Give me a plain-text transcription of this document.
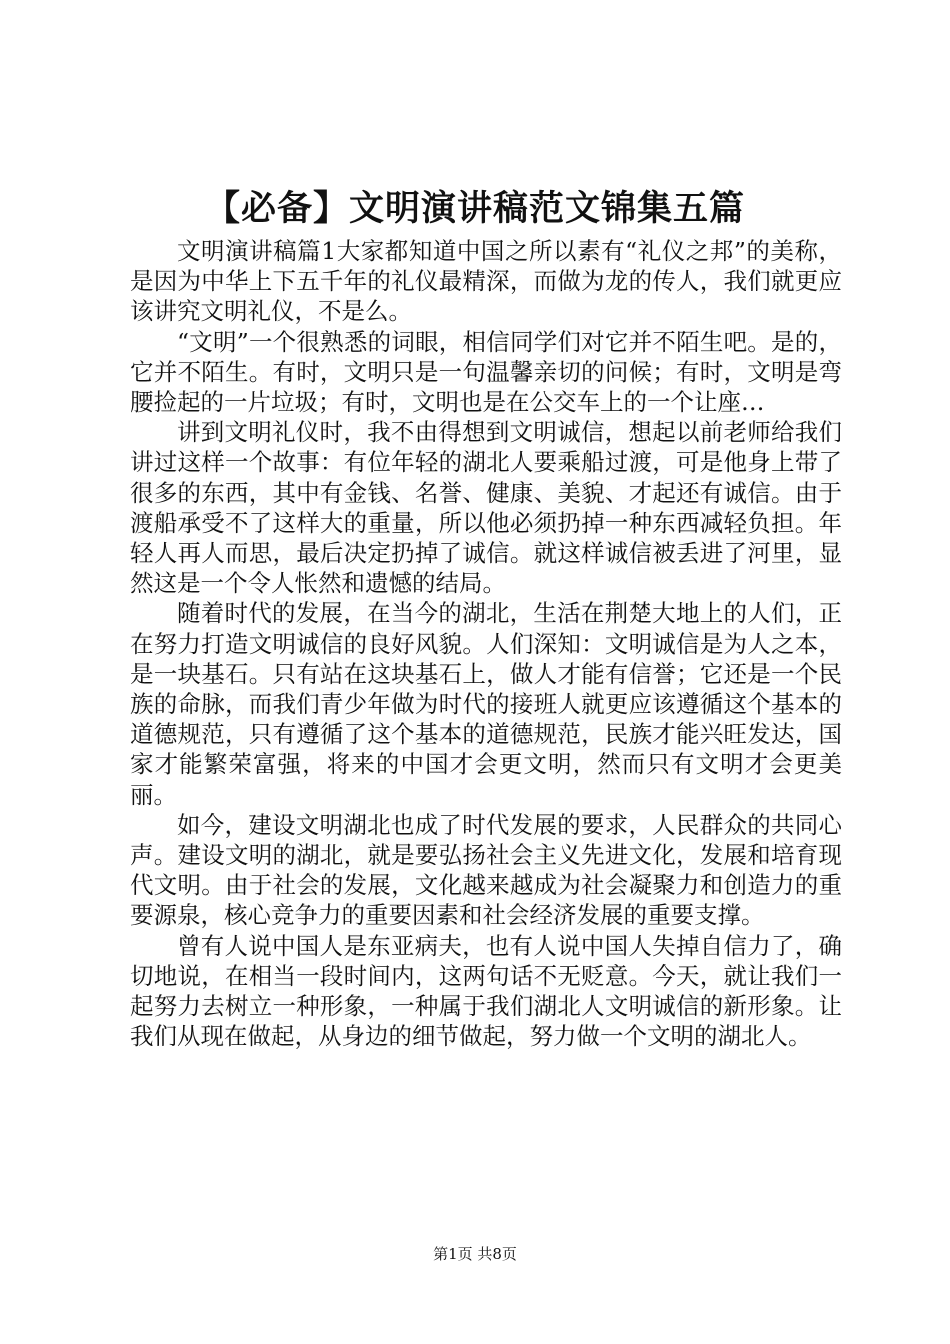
【必备】文明演讲稿范文锦集五篇

文明演讲稿篇1大家都知道中国之所以素有“礼仪之邦”的美称，是因为中华上下五千年的礼仪最精深，而做为龙的传人，我们就更应该讲究文明礼仪，不是么。

“文明”一个很熟悉的词眼，相信同学们对它并不陌生吧。是的，它并不陌生。有时，文明只是一句温馨亲切的问候；有时，文明是弯腰捡起的一片垃圾；有时，文明也是在公交车上的一个让座…

讲到文明礼仪时，我不由得想到文明诚信，想起以前老师给我们讲过这样一个故事：有位年轻的湖北人要乘船过渡，可是他身上带了很多的东西，其中有金钱、名誉、健康、美貌、才起还有诚信。由于渡船承受不了这样大的重量，所以他必须扔掉一种东西减轻负担。年轻人再人而思，最后决定扔掉了诚信。就这样诚信被丢进了河里，显然这是一个令人怅然和遗憾的结局。

随着时代的发展，在当今的湖北，生活在荆楚大地上的人们，正在努力打造文明诚信的良好风貌。人们深知：文明诚信是为人之本，是一块基石。只有站在这块基石上，做人才能有信誉；它还是一个民族的命脉，而我们青少年做为时代的接班人就更应该遵循这个基本的道德规范，只有遵循了这个基本的道德规范，民族才能兴旺发达，国家才能繁荣富强，将来的中国才会更文明，然而只有文明才会更美丽。

如今，建设文明湖北也成了时代发展的要求，人民群众的共同心声。建设文明的湖北，就是要弘扬社会主义先进文化，发展和培育现代文明。由于社会的发展，文化越来越成为社会凝聚力和创造力的重要源泉，核心竞争力的重要因素和社会经济发展的重要支撑。

曾有人说中国人是东亚病夫，也有人说中国人失掉自信力了，确切地说，在相当一段时间内，这两句话不无贬意。今天，就让我们一起努力去树立一种形象，一种属于我们湖北人文明诚信的新形象。让我们从现在做起，从身边的细节做起，努力做一个文明的湖北人。

第1页 共8页
